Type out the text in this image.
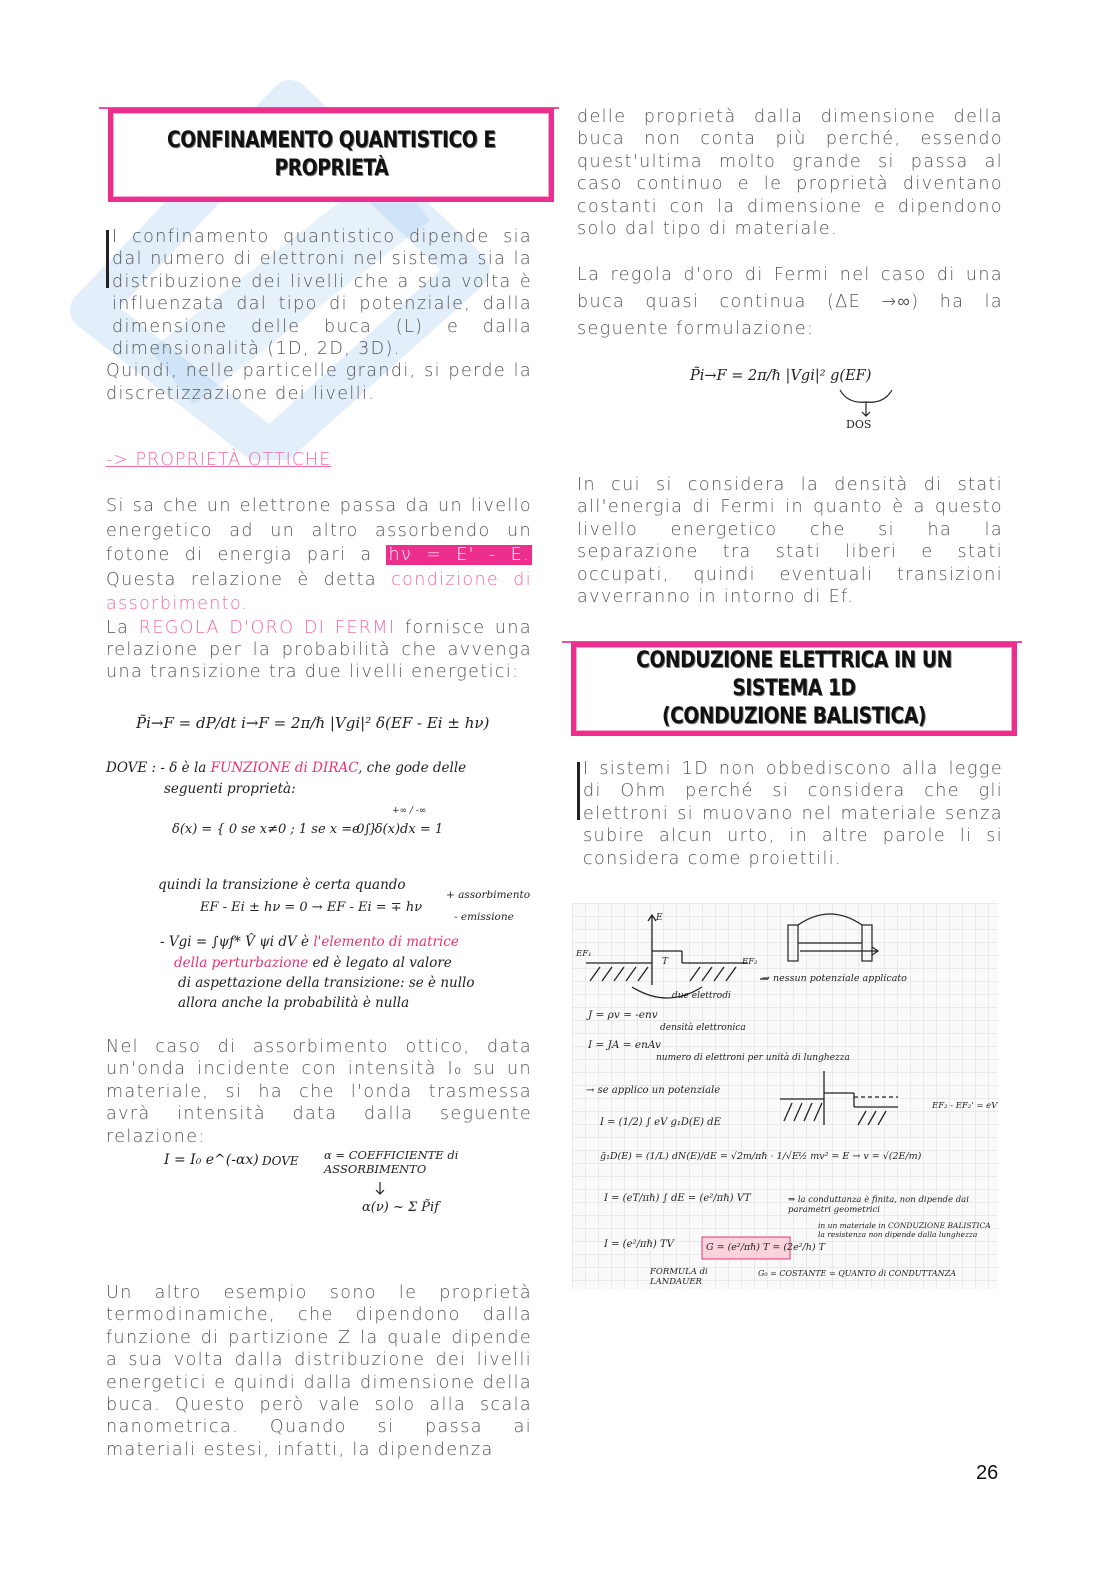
CONFINAMENTO QUANTISTICO E
PROPRIETÀ

I confinamento quantistico dipende sia dal numero di elettroni nel sistema sia la distribuzione dei livelli che a sua volta è influenzata dal tipo di potenziale, dalla dimensione delle buca (L) e dalla dimensionalità (1D, 2D, 3D).

Quindi, nelle particelle grandi, si perde la discretizzazione dei livelli.

-> PROPRIETÀ OTTICHE

Si sa che un elettrone passa da un livello energetico ad un altro assorbendo un fotone di energia pari a hν = E' - E. Questa relazione è detta condizione di assorbimento.

La REGOLA D'ORO DI FERMI fornisce una relazione per la probabilità che avvenga una transizione tra due livelli energetici:

P̃i→F = dP/dt i→F = 2π/ℏ |Vgi|² δ(EF - Ei ± hν)
DOVE : - δ è la FUNZIONE di DIRAC, che gode delle
seguenti proprietà:
δ(x) = { 0 se x≠0 ; 1 se x = 0 }
e ∫ δ(x)dx = 1
+∞ / -∞
quindi la transizione è certa quando
EF - Ei ± hν = 0 → EF - Ei = ∓ hν
+ assorbimento
- emissione
- Vgi = ∫ψf* V̂ ψi dV è l'elemento di matrice
della perturbazione ed è legato al valore
di aspettazione della transizione: se è nullo
allora anche la probabilità è nulla

Nel caso di assorbimento ottico, data un'onda incidente con intensità I₀ su un materiale, si ha che l'onda trasmessa avrà intensità data dalla seguente relazione:

I = I₀ e^(-αx) DOVE α = COEFFICIENTE di ASSORBIMENTO
α(ν) ~ Σ P̃if

Un altro esempio sono le proprietà termodinamiche, che dipendono dalla funzione di partizione Z la quale dipende a sua volta dalla distribuzione dei livelli energetici e quindi dalla dimensione della buca. Questo però vale solo alla scala nanometrica. Quando si passa ai materiali estesi, infatti, la dipendenza

delle proprietà dalla dimensione della buca non conta più perché, essendo quest'ultima molto grande si passa al caso continuo e le proprietà diventano costanti con la dimensione e dipendono solo dal tipo di materiale.

La regola d'oro di Fermi nel caso di una buca quasi continua (ΔE →∞) ha la seguente formulazione:

P̃i→F = 2π/ℏ |Vgi|² g(EF)
DOS

In cui si considera la densità di stati all'energia di Fermi in quanto è a questo livello energetico che si ha la separazione tra stati liberi e stati occupati, quindi eventuali transizioni avverranno in intorno di Ef.

CONDUZIONE ELETTRICA IN UN SISTEMA 1D
(CONDUZIONE BALISTICA)

I sistemi 1D non obbediscono alla legge di Ohm perché si considera che gli elettroni si muovano nel materiale senza subire alcun urto, in altre parole li si considera come proiettili.

EF₁
EF₂
T
E
→ nessun potenziale applicato
due elettrodi
J = ρv = -env
densità elettronica
I = JA = enAv
numero di elettroni per unità di lunghezza
→ se applico un potenziale
EF₂ - EF₂' = eV
I = (1/2) ∫ eV g₁D(E) dE
g̃₁D(E) = (1/L) dN(E)/dE = √2m/πℏ · 1/√E ½ mv² = E → v = √(2E/m)
I = (eT/πℏ) ∫ dE = (e²/πℏ) VT	⇒ la conduttanza è finita, non dipende dai parametri geometrici
in un materiale in CONDUZIONE BALISTICA la resistenza non dipende dalla lunghezza
I = (e²/πℏ) TV	G = (e²/πℏ) T = (2e²/h) T
FORMULA di LANDAUER
G₀ = COSTANTE = QUANTO di CONDUTTANZA
26
